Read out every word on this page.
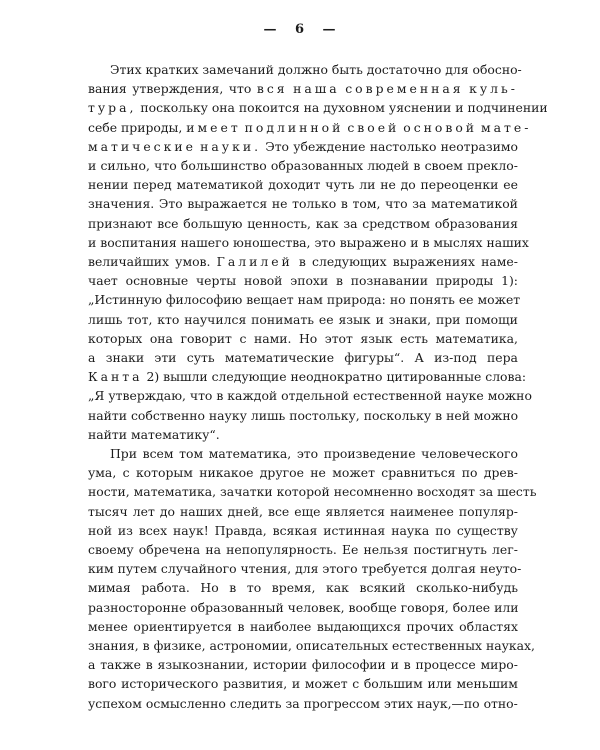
— 6 —
Этих кратких замечаний должно быть достаточно для обосно-
вания утверждения, что вся наша современная куль-
тура, поскольку она покоится на духовном уяснении и подчинении
себе природы, имеет подлинной своей основой мате-
матические науки. Это убеждение настолько неотразимо
и сильно, что большинство образованных людей в своем прекло-
нении перед математикой доходит чуть ли не до переоценки ее
значения. Это выражается не только в том, что за математикой
признают все большую ценность, как за средством образования
и воспитания нашего юношества, это выражено и в мыслях наших
величайших умов. Галилей в следующих выражениях наме-
чает основные черты новой эпохи в познавании природы 1):
„Истинную философию вещает нам природа: но понять ее может
лишь тот, кто научился понимать ее язык и знаки, при помощи
которых она говорит с нами. Но этот язык есть математика,
а знаки эти суть математические фигуры“. А из-под пера
Канта 2) вышли следующие неоднократно цитированные слова:
„Я утверждаю, что в каждой отдельной естественной науке можно
найти собственно науку лишь постольку, поскольку в ней можно
найти математику“.
При всем том математика, это произведение человеческого
ума, с которым никакое другое не может сравниться по древ-
ности, математика, зачатки которой несомненно восходят за шесть
тысяч лет до наших дней, все еще является наименее популяр-
ной из всех наук! Правда, всякая истинная наука по существу
своему обречена на непопулярность. Ее нельзя постигнуть лег-
ким путем случайного чтения, для этого требуется долгая неуто-
мимая работа. Но в то время, как всякий сколько-нибудь
разносторонне образованный человек, вообще говоря, более или
менее ориентируется в наиболее выдающихся прочих областях
знания, в физике, астрономии, описательных естественных науках,
а также в языкознании, истории философии и в процессе миро-
вого исторического развития, и может с большим или меньшим
успехом осмысленно следить за прогрессом этих наук,—по отно-
